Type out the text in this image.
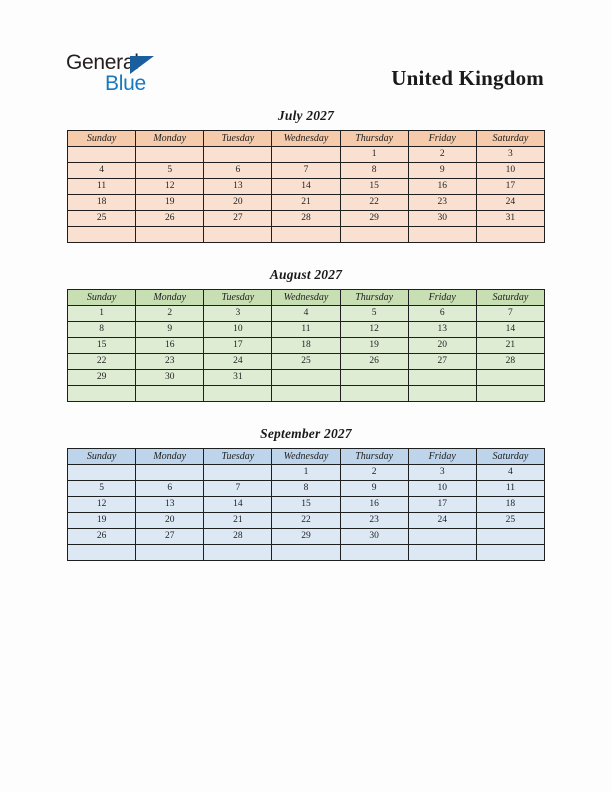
General
Blue	United Kingdom
July 2027
Sunday	Monday	Tuesday	Wednesday	Thursday	Friday	Saturday
				1	2	3
4	5	6	7	8	9	10
11	12	13	14	15	16	17
18	19	20	21	22	23	24
25	26	27	28	29	30	31

August 2027
Sunday	Monday	Tuesday	Wednesday	Thursday	Friday	Saturday
1	2	3	4	5	6	7
8	9	10	11	12	13	14
15	16	17	18	19	20	21
22	23	24	25	26	27	28
29	30	31				

September 2027
Sunday	Monday	Tuesday	Wednesday	Thursday	Friday	Saturday
			1	2	3	4
5	6	7	8	9	10	11
12	13	14	15	16	17	18
19	20	21	22	23	24	25
26	27	28	29	30		
